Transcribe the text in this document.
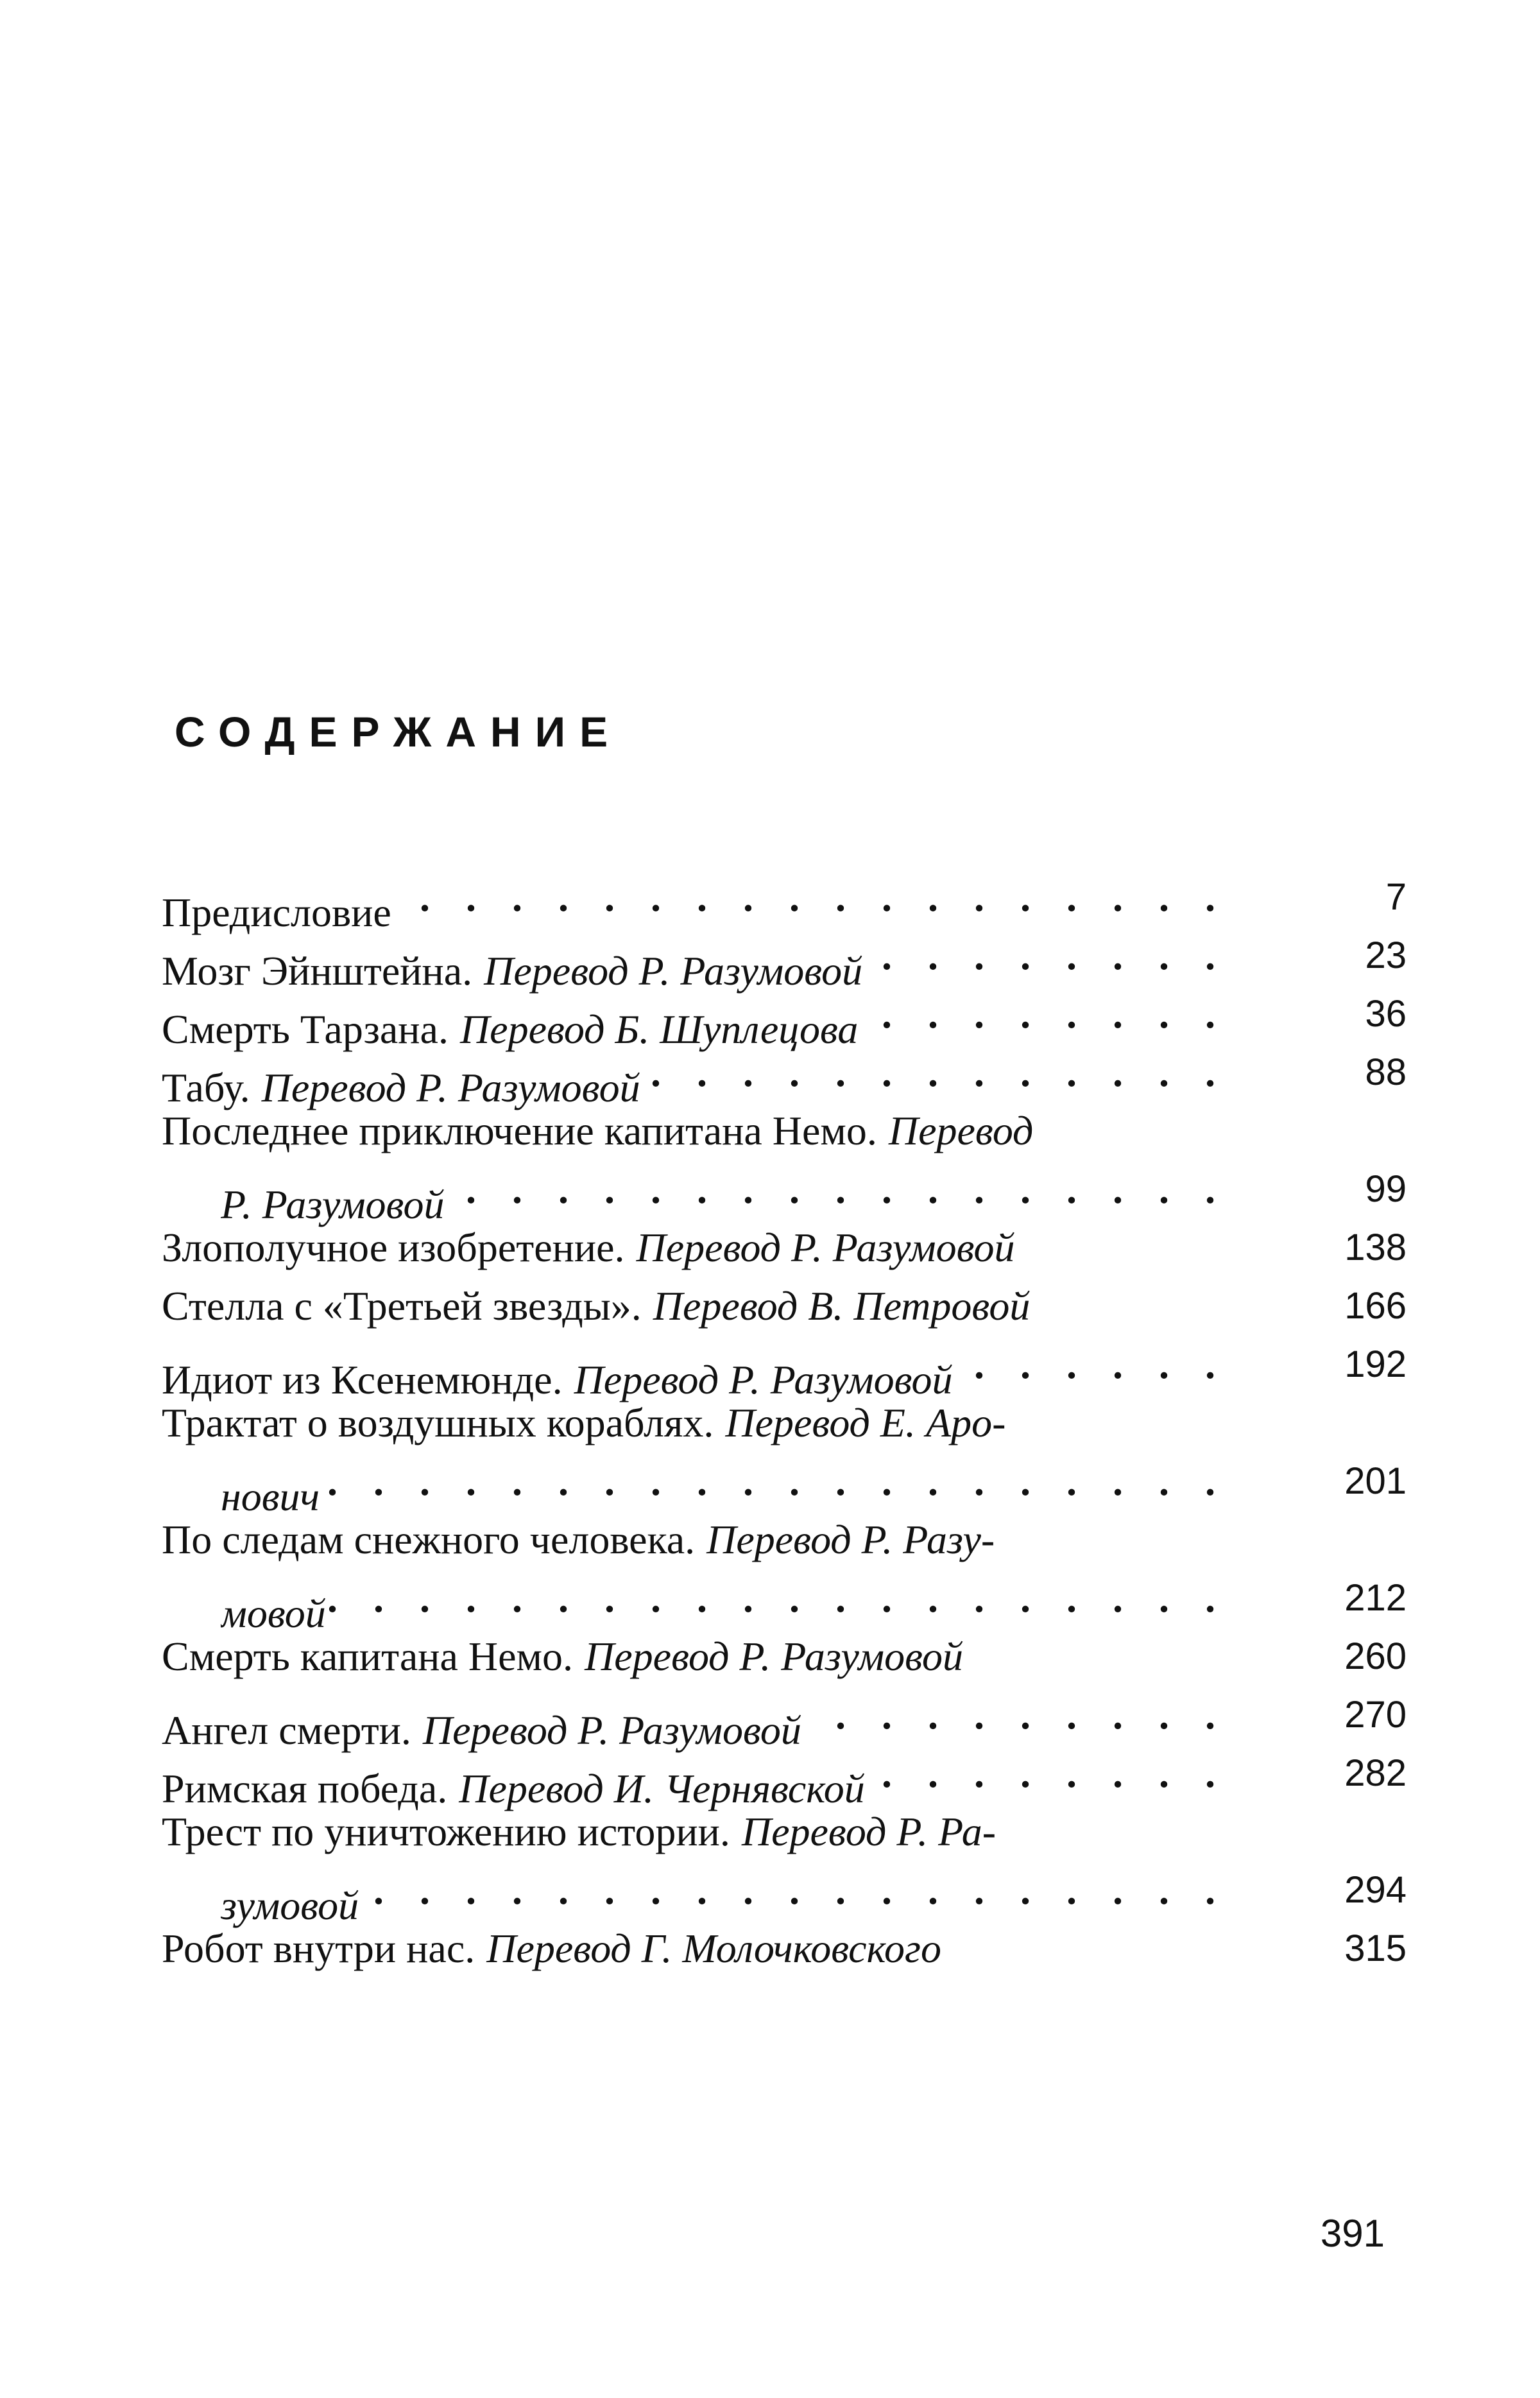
СОДЕРЖАНИЕ
Предисловие . . .	7
Мозг Эйнштейна. Перевод Р. Разумовой . . .	23
Смерть Тарзана. Перевод Б. Шуплецова . . .	36
Табу. Перевод Р. Разумовой . . .	88
Последнее приключение капитана Немо. Перевод
Р. Разумовой . . .	99
Злополучное изобретение. Перевод Р. Разумовой	138
Стелла с «Третьей звезды». Перевод В. Петровой	166
Идиот из Ксенемюнде. Перевод Р. Разумовой . . .	192
Трактат о воздушных кораблях. Перевод Е. Аро-
нович . . .	201
По следам снежного человека. Перевод Р. Разу-
мовой . . .	212
Смерть капитана Немо. Перевод Р. Разумовой	260
Ангел смерти. Перевод Р. Разумовой . . .	270
Римская победа. Перевод И. Чернявской . . .	282
Трест по уничтожению истории. Перевод Р. Ра-
зумовой . . .	294
Робот внутри нас. Перевод Г. Молочковского	315
391
